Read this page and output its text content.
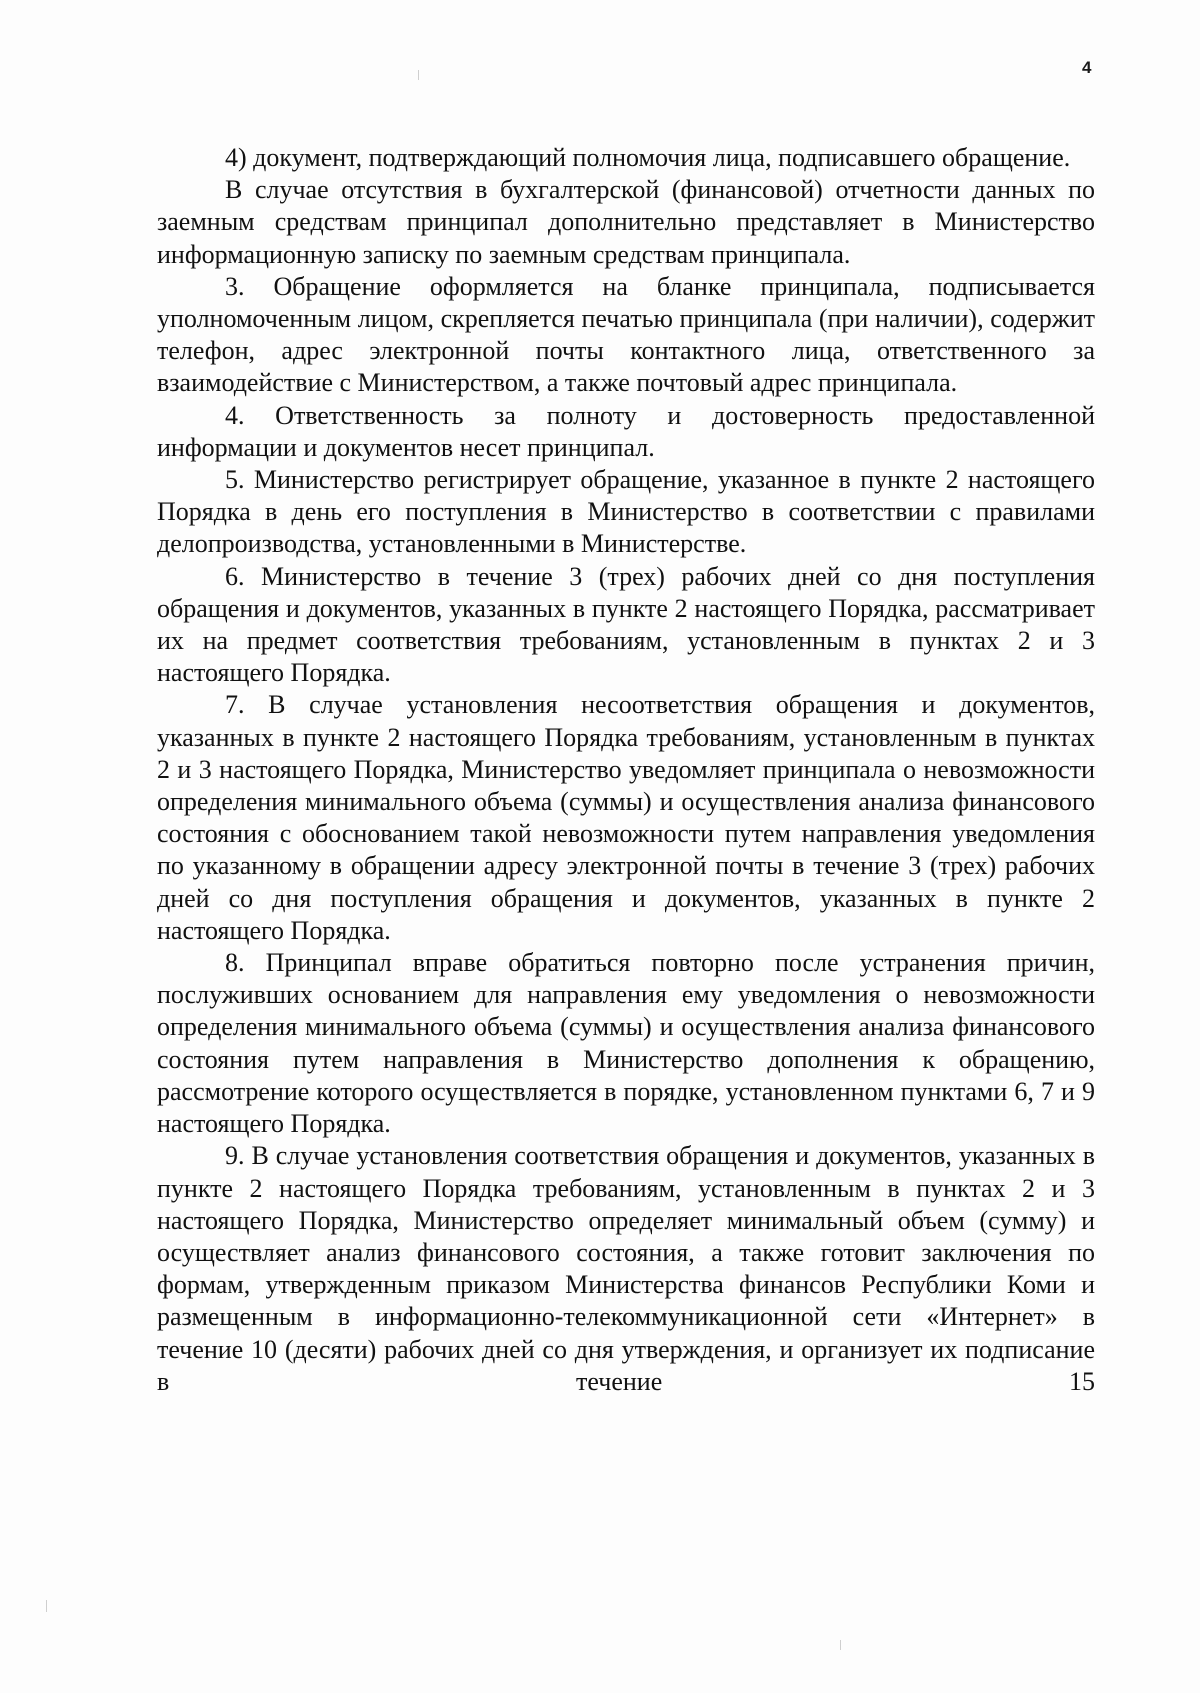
4

4) документ, подтверждающий полномочия лица, подписавшего обращение.

В случае отсутствия в бухгалтерской (финансовой) отчетности данных по заемным средствам принципал дополнительно представляет в Министерство информационную записку по заемным средствам принципала.

3. Обращение оформляется на бланке принципала, подписывается уполномоченным лицом, скрепляется печатью принципала (при наличии), содержит телефон, адрес электронной почты контактного лица, ответственного за взаимодействие с Министерством, а также почтовый адрес принципала.

4. Ответственность за полноту и достоверность предоставленной информации и документов несет принципал.

5. Министерство регистрирует обращение, указанное в пункте 2 настоящего Порядка в день его поступления в Министерство в соответствии с правилами делопроизводства, установленными в Министерстве.

6. Министерство в течение 3 (трех) рабочих дней со дня поступления обращения и документов, указанных в пункте 2 настоящего Порядка, рассматривает их на предмет соответствия требованиям, установленным в пунктах 2 и 3 настоящего Порядка.

7. В случае установления несоответствия обращения и документов, указанных в пункте 2 настоящего Порядка требованиям, установленным в пунктах 2 и 3 настоящего Порядка, Министерство уведомляет принципала о невозможности определения минимального объема (суммы) и осуществления анализа финансового состояния с обоснованием такой невозможности путем направления уведомления по указанному в обращении адресу электронной почты в течение 3 (трех) рабочих дней со дня поступления обращения и документов, указанных в пункте 2 настоящего Порядка.

8. Принципал вправе обратиться повторно после устранения причин, послуживших основанием для направления ему уведомления о невозможности определения минимального объема (суммы) и осуществления анализа финансового состояния путем направления в Министерство дополнения к обращению, рассмотрение которого осуществляется в порядке, установленном пунктами 6, 7 и 9 настоящего Порядка.

9. В случае установления соответствия обращения и документов, указанных в пункте 2 настоящего Порядка требованиям, установленным в пунктах 2 и 3 настоящего Порядка, Министерство определяет минимальный объем (сумму) и осуществляет анализ финансового состояния, а также готовит заключения по формам, утвержденным приказом Министерства финансов Республики Коми и размещенным в информационно-телекоммуникационной сети «Интернет» в течение 10 (десяти) рабочих дней со дня утверждения, и организует их подписание в течение 15
